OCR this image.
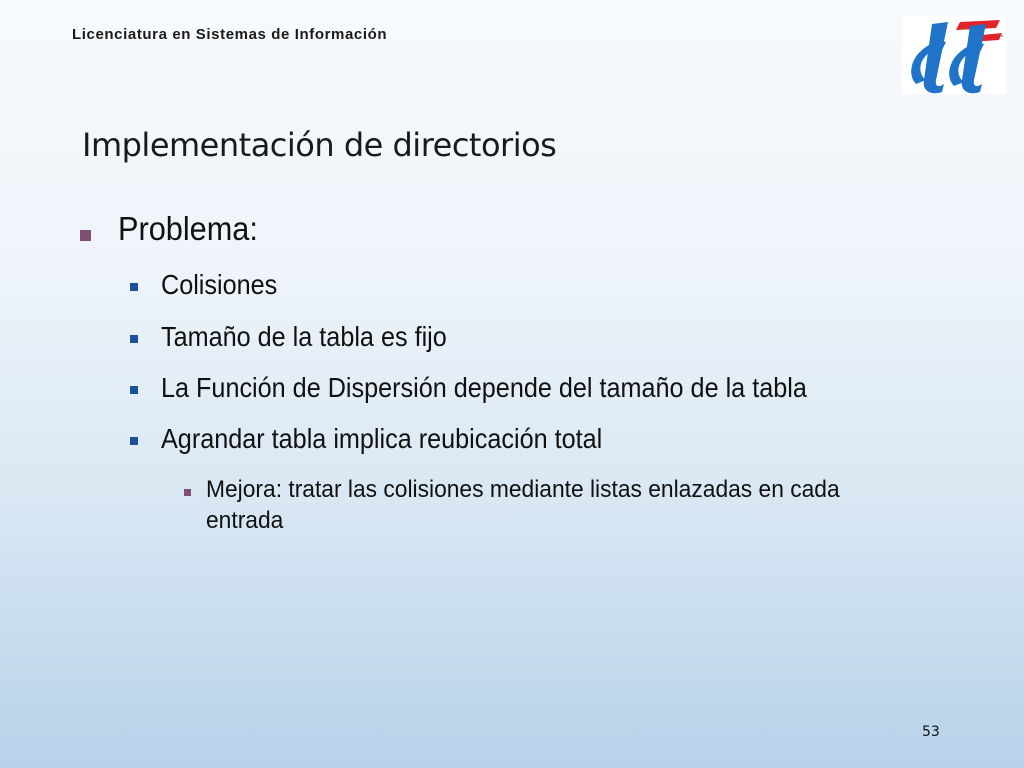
Licenciatura en Sistemas de Información
Implementación de directorios
Problema:
Colisiones
Tamaño de la tabla es fijo
La Función de Dispersión depende del tamaño de la tabla
Agrandar tabla implica reubicación total
Mejora: tratar las colisiones mediante listas enlazadas en cada entrada
53
